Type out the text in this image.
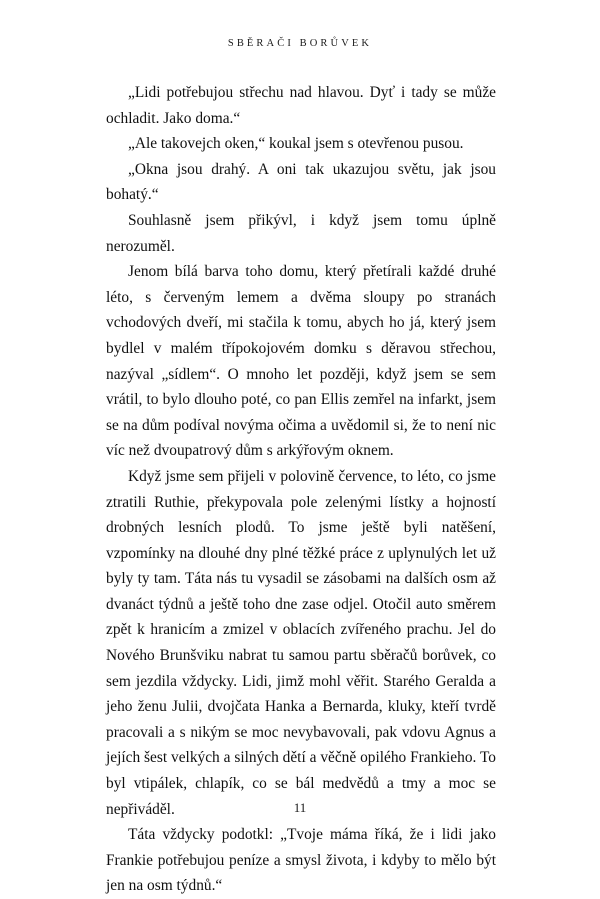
SBĚRAČI BORŮVEK

„Lidi potřebujou střechu nad hlavou. Dyť i tady se může ochladit. Jako doma.“

„Ale takovejch oken,“ koukal jsem s otevřenou pusou.

„Okna jsou drahý. A oni tak ukazujou světu, jak jsou bohatý.“

Souhlasně jsem přikývl, i když jsem tomu úplně nerozuměl.

Jenom bílá barva toho domu, který přetírali každé druhé léto, s červeným lemem a dvěma sloupy po stranách vchodových dveří, mi stačila k tomu, abych ho já, který jsem bydlel v malém třípokojovém domku s děravou střechou, nazýval „sídlem“. O mnoho let později, když jsem se sem vrátil, to bylo dlouho poté, co pan Ellis zemřel na infarkt, jsem se na dům podíval novýma očima a uvědomil si, že to není nic víc než dvoupatrový dům s arkýřovým oknem.

Když jsme sem přijeli v polovině července, to léto, co jsme ztratili Ruthie, překypovala pole zelenými lístky a hojností drobných lesních plodů. To jsme ještě byli natěšení, vzpomínky na dlouhé dny plné těžké práce z uplynulých let už byly ty tam. Táta nás tu vysadil se zásobami na dalších osm až dvanáct týdnů a ještě toho dne zase odjel. Otočil auto směrem zpět k hranicím a zmizel v oblacích zvířeného prachu. Jel do Nového Brunšviku nabrat tu samou partu sběračů borůvek, co sem jezdila vždycky. Lidi, jimž mohl věřit. Starého Geralda a jeho ženu Julii, dvojčata Hanka a Bernarda, kluky, kteří tvrdě pracovali a s nikým se moc nevybavovali, pak vdovu Agnus a jejích šest velkých a silných dětí a věčně opilého Frankieho. To byl vtipálek, chlapík, co se bál medvědů a tmy a moc se nepřiváděl.

Táta vždycky podotkl: „Tvoje máma říká, že i lidi jako Frankie potřebujou peníze a smysl života, i kdyby to mělo být jen na osm týdnů.“

11
